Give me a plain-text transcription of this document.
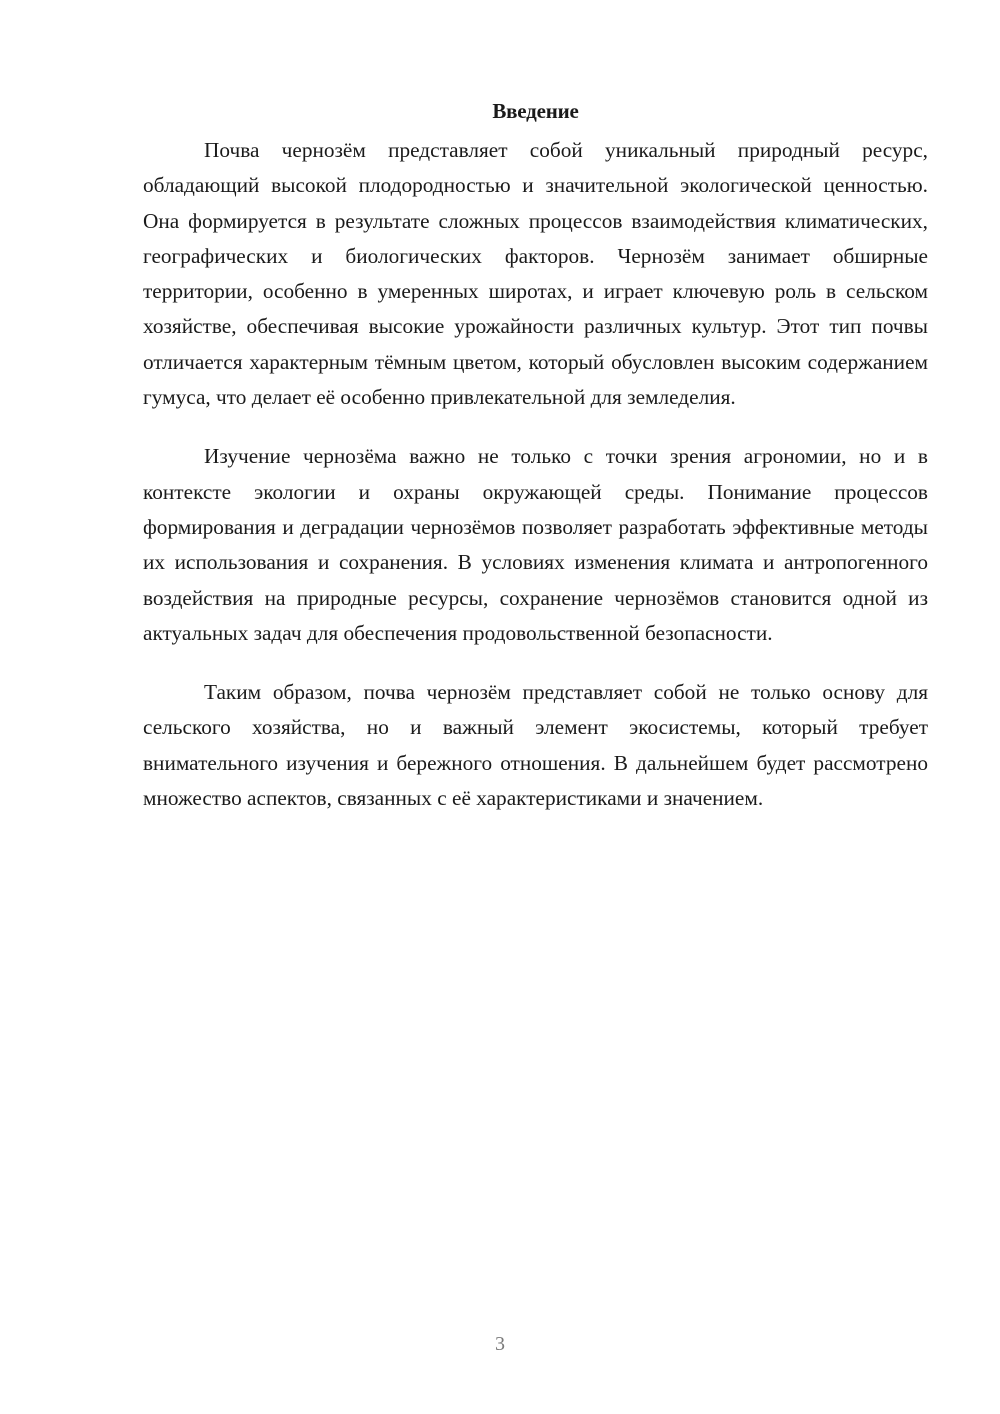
Введение

Почва чернозём представляет собой уникальный природный ресурс, обладающий высокой плодородностью и значительной экологической ценностью. Она формируется в результате сложных процессов взаимодействия климатических, географических и биологических факторов. Чернозём занимает обширные территории, особенно в умеренных широтах, и играет ключевую роль в сельском хозяйстве, обеспечивая высокие урожайности различных культур. Этот тип почвы отличается характерным тёмным цветом, который обусловлен высоким содержанием гумуса, что делает её особенно привлекательной для земледелия.

Изучение чернозёма важно не только с точки зрения агрономии, но и в контексте экологии и охраны окружающей среды. Понимание процессов формирования и деградации чернозёмов позволяет разработать эффективные методы их использования и сохранения. В условиях изменения климата и антропогенного воздействия на природные ресурсы, сохранение чернозёмов становится одной из актуальных задач для обеспечения продовольственной безопасности.

Таким образом, почва чернозём представляет собой не только основу для сельского хозяйства, но и важный элемент экосистемы, который требует внимательного изучения и бережного отношения. В дальнейшем будет рассмотрено множество аспектов, связанных с её характеристиками и значением.

3
